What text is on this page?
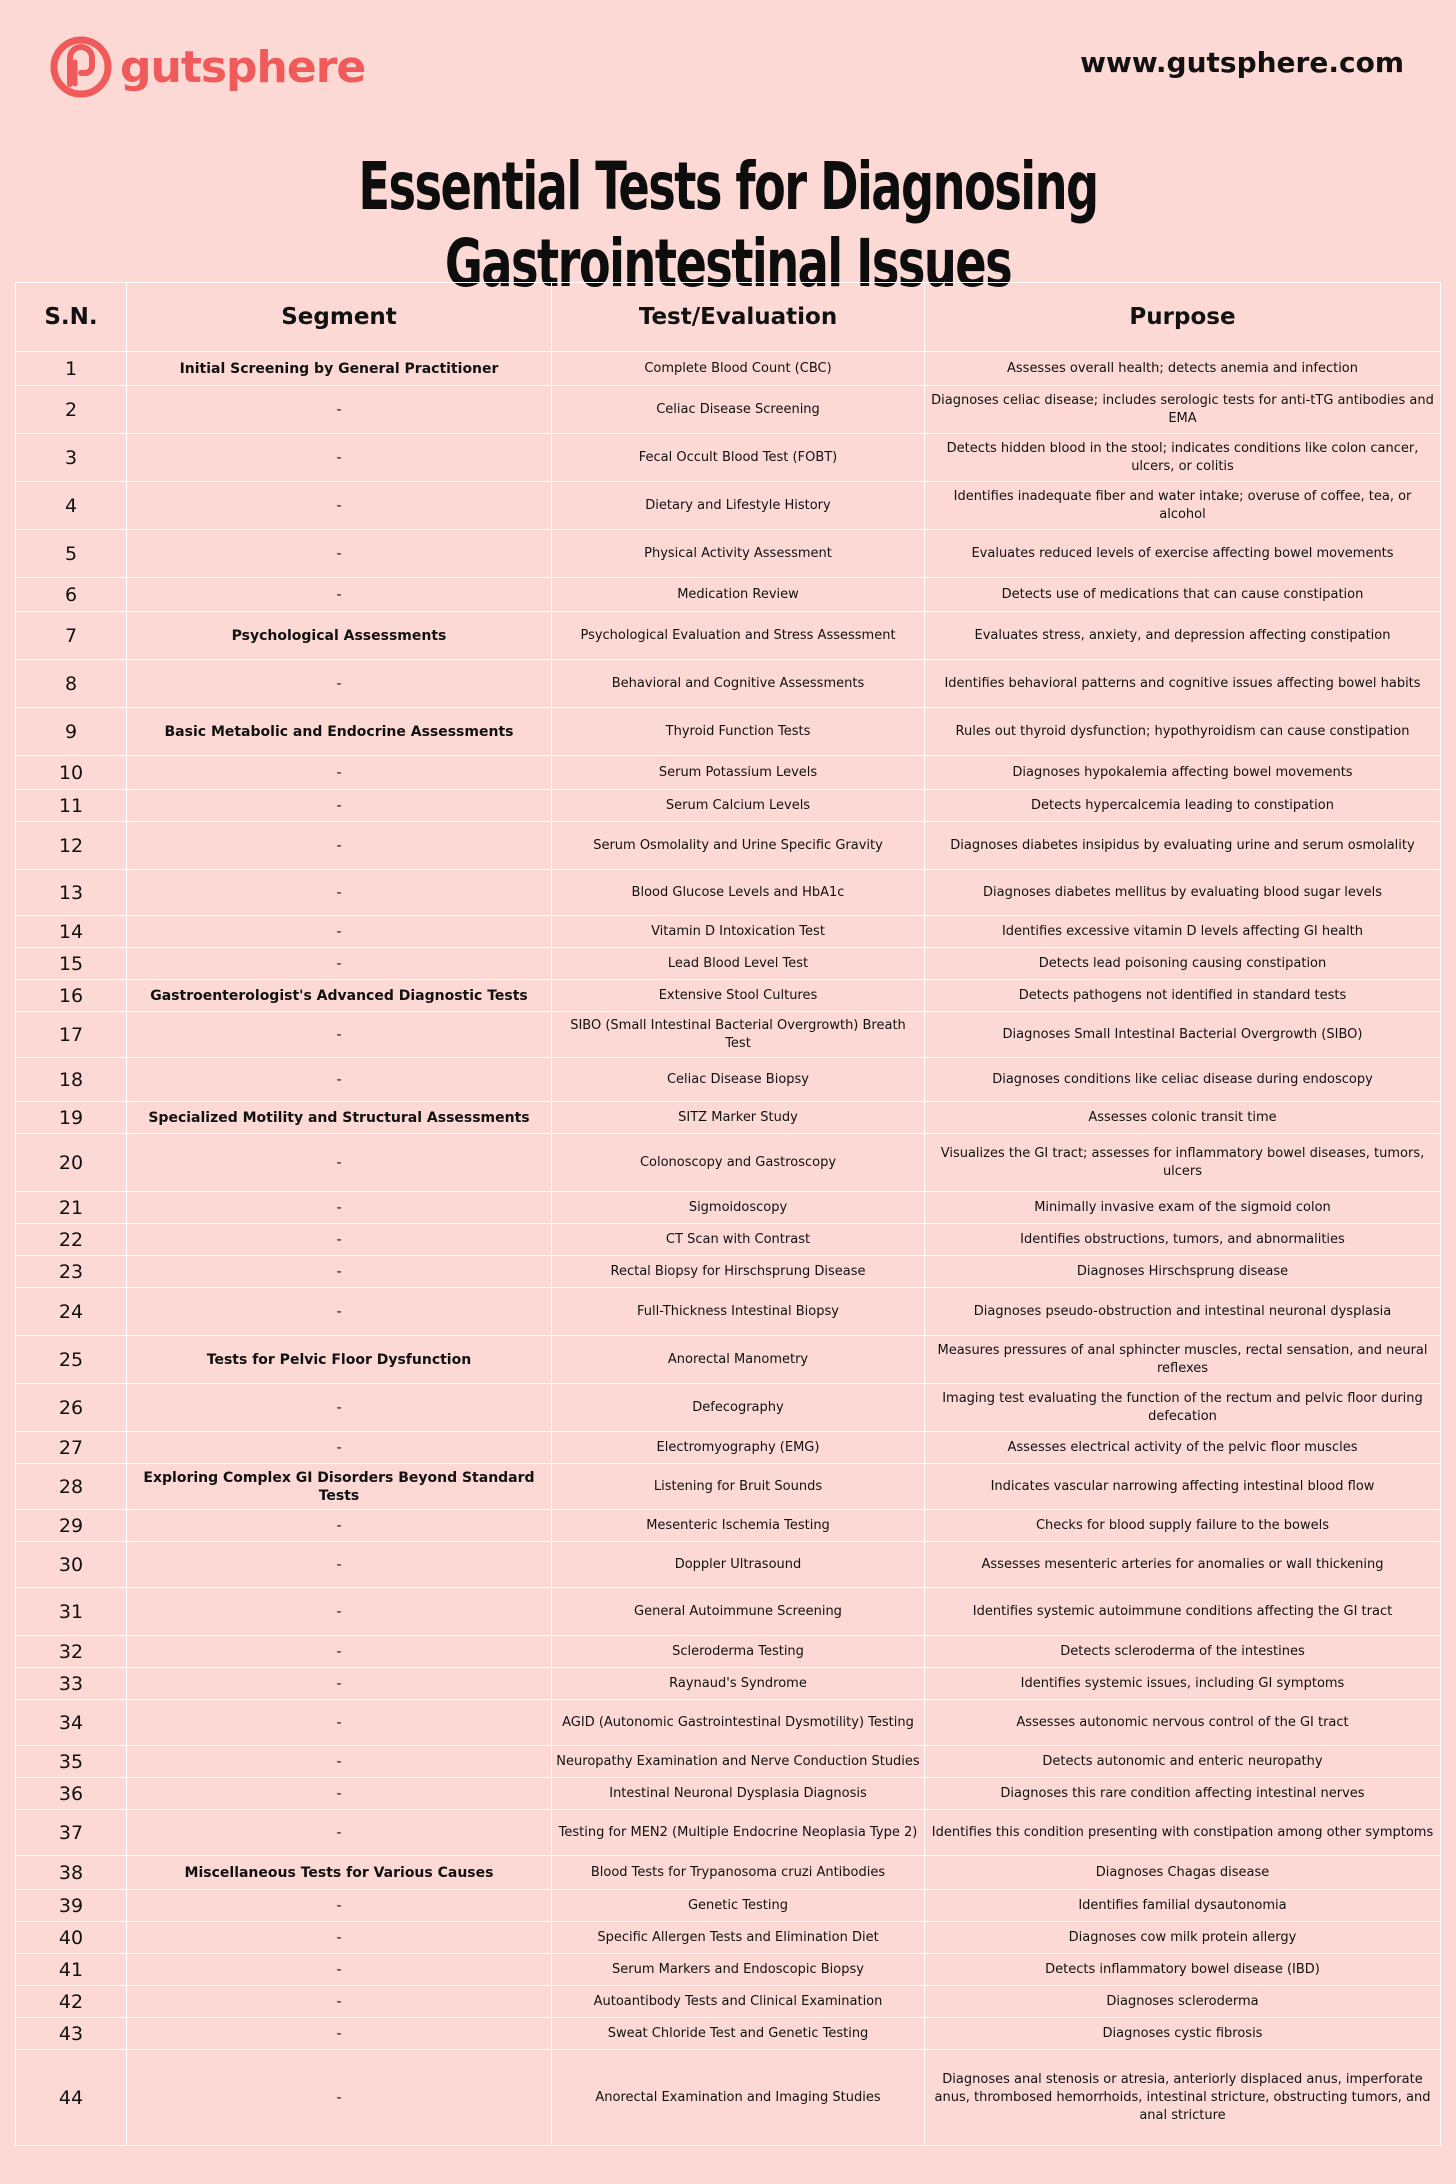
gutsphere	www.gutsphere.com
Essential Tests for Diagnosing Gastrointestinal Issues
S.N.	Segment	Test/Evaluation	Purpose
1	Initial Screening by General Practitioner	Complete Blood Count (CBC)	Assesses overall health; detects anemia and infection
2	-	Celiac Disease Screening	Diagnoses celiac disease; includes serologic tests for anti-tTG antibodies and EMA
3	-	Fecal Occult Blood Test (FOBT)	Detects hidden blood in the stool; indicates conditions like colon cancer, ulcers, or colitis
4	-	Dietary and Lifestyle History	Identifies inadequate fiber and water intake; overuse of coffee, tea, or alcohol
5	-	Physical Activity Assessment	Evaluates reduced levels of exercise affecting bowel movements
6	-	Medication Review	Detects use of medications that can cause constipation
7	Psychological Assessments	Psychological Evaluation and Stress Assessment	Evaluates stress, anxiety, and depression affecting constipation
8	-	Behavioral and Cognitive Assessments	Identifies behavioral patterns and cognitive issues affecting bowel habits
9	Basic Metabolic and Endocrine Assessments	Thyroid Function Tests	Rules out thyroid dysfunction; hypothyroidism can cause constipation
10	-	Serum Potassium Levels	Diagnoses hypokalemia affecting bowel movements
11	-	Serum Calcium Levels	Detects hypercalcemia leading to constipation
12	-	Serum Osmolality and Urine Specific Gravity	Diagnoses diabetes insipidus by evaluating urine and serum osmolality
13	-	Blood Glucose Levels and HbA1c	Diagnoses diabetes mellitus by evaluating blood sugar levels
14	-	Vitamin D Intoxication Test	Identifies excessive vitamin D levels affecting GI health
15	-	Lead Blood Level Test	Detects lead poisoning causing constipation
16	Gastroenterologist's Advanced Diagnostic Tests	Extensive Stool Cultures	Detects pathogens not identified in standard tests
17	-	SIBO (Small Intestinal Bacterial Overgrowth) Breath Test	Diagnoses Small Intestinal Bacterial Overgrowth (SIBO)
18	-	Celiac Disease Biopsy	Diagnoses conditions like celiac disease during endoscopy
19	Specialized Motility and Structural Assessments	SITZ Marker Study	Assesses colonic transit time
20	-	Colonoscopy and Gastroscopy	Visualizes the GI tract; assesses for inflammatory bowel diseases, tumors, ulcers
21	-	Sigmoidoscopy	Minimally invasive exam of the sigmoid colon
22	-	CT Scan with Contrast	Identifies obstructions, tumors, and abnormalities
23	-	Rectal Biopsy for Hirschsprung Disease	Diagnoses Hirschsprung disease
24	-	Full-Thickness Intestinal Biopsy	Diagnoses pseudo-obstruction and intestinal neuronal dysplasia
25	Tests for Pelvic Floor Dysfunction	Anorectal Manometry	Measures pressures of anal sphincter muscles, rectal sensation, and neural reflexes
26	-	Defecography	Imaging test evaluating the function of the rectum and pelvic floor during defecation
27	-	Electromyography (EMG)	Assesses electrical activity of the pelvic floor muscles
28	Exploring Complex GI Disorders Beyond Standard Tests	Listening for Bruit Sounds	Indicates vascular narrowing affecting intestinal blood flow
29	-	Mesenteric Ischemia Testing	Checks for blood supply failure to the bowels
30	-	Doppler Ultrasound	Assesses mesenteric arteries for anomalies or wall thickening
31	-	General Autoimmune Screening	Identifies systemic autoimmune conditions affecting the GI tract
32	-	Scleroderma Testing	Detects scleroderma of the intestines
33	-	Raynaud's Syndrome	Identifies systemic issues, including GI symptoms
34	-	AGID (Autonomic Gastrointestinal Dysmotility) Testing	Assesses autonomic nervous control of the GI tract
35	-	Neuropathy Examination and Nerve Conduction Studies	Detects autonomic and enteric neuropathy
36	-	Intestinal Neuronal Dysplasia Diagnosis	Diagnoses this rare condition affecting intestinal nerves
37	-	Testing for MEN2 (Multiple Endocrine Neoplasia Type 2)	Identifies this condition presenting with constipation among other symptoms
38	Miscellaneous Tests for Various Causes	Blood Tests for Trypanosoma cruzi Antibodies	Diagnoses Chagas disease
39	-	Genetic Testing	Identifies familial dysautonomia
40	-	Specific Allergen Tests and Elimination Diet	Diagnoses cow milk protein allergy
41	-	Serum Markers and Endoscopic Biopsy	Detects inflammatory bowel disease (IBD)
42	-	Autoantibody Tests and Clinical Examination	Diagnoses scleroderma
43	-	Sweat Chloride Test and Genetic Testing	Diagnoses cystic fibrosis
44	-	Anorectal Examination and Imaging Studies	Diagnoses anal stenosis or atresia, anteriorly displaced anus, imperforate anus, thrombosed hemorrhoids, intestinal stricture, obstructing tumors, and anal stricture
